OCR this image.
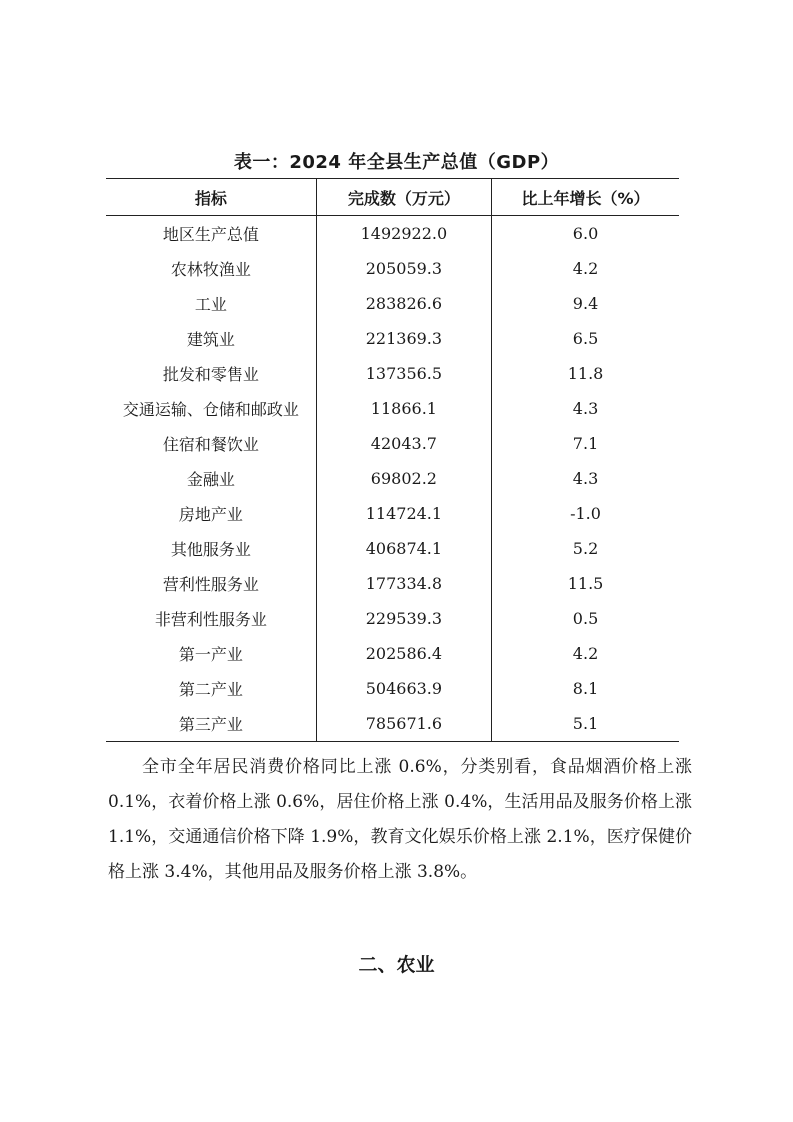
表一：2024 年全县生产总值（GDP）
指标	完成数（万元）	比上年增长（%）
地区生产总值	1492922.0	6.0
农林牧渔业	205059.3	4.2
工业	283826.6	9.4
建筑业	221369.3	6.5
批发和零售业	137356.5	11.8
交通运输、仓储和邮政业	11866.1	4.3
住宿和餐饮业	42043.7	7.1
金融业	69802.2	4.3
房地产业	114724.1	-1.0
其他服务业	406874.1	5.2
营利性服务业	177334.8	11.5
非营利性服务业	229539.3	0.5
第一产业	202586.4	4.2
第二产业	504663.9	8.1
第三产业	785671.6	5.1

全市全年居民消费价格同比上涨 0.6%，分类别看，食品烟酒价格上涨 0.1%，衣着价格上涨 0.6%，居住价格上涨 0.4%，生活用品及服务价格上涨 1.1%，交通通信价格下降 1.9%，教育文化娱乐价格上涨 2.1%，医疗保健价格上涨 3.4%，其他用品及服务价格上涨 3.8%。

二、农业
